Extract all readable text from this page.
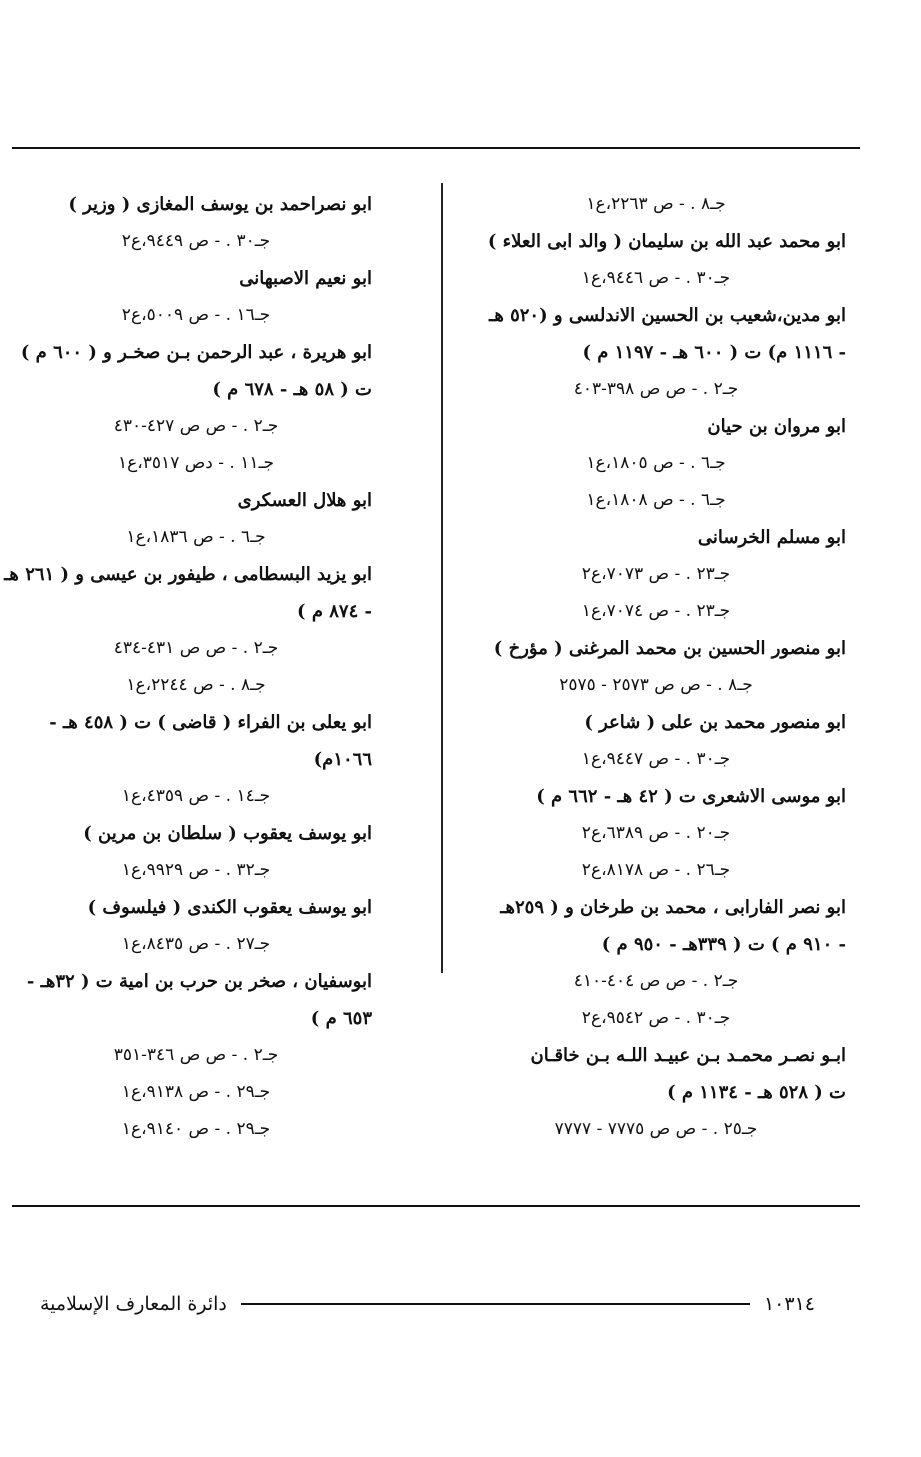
جـ٨ . - ص ٢٢٦٣،ع١
ابو محمد عبد الله بن سليمان ( والد ابى العلاء )
جـ٣٠ . - ص ٩٤٤٦،ع١
ابو مدين،شعيب بن الحسين الاندلسى و (٥٢٠ هـ
- ١١١٦ م) ت ( ٦٠٠ هـ - ١١٩٧ م )
جـ٢ . - ص ص ٣٩٨-٤٠٣
ابو مروان بن حيان
جـ٦ . - ص ١٨٠٥،ع١
جـ٦ . - ص ١٨٠٨،ع١
ابو مسلم الخرسانى
جـ٢٣ . - ص ٧٠٧٣،ع٢
جـ٢٣ . - ص ٧٠٧٤،ع١
ابو منصور الحسين بن محمد المرغنى ( مؤرخ )
جـ٨ . - ص ص ٢٥٧٣ - ٢٥٧٥
ابو منصور محمد بن على ( شاعر )
جـ٣٠ . - ص ٩٤٤٧،ع١
ابو موسى الاشعرى ت ( ٤٢ هـ - ٦٦٢ م )
جـ٢٠ . - ص ٦٣٨٩،ع٢
جـ٢٦ . - ص ٨١٧٨،ع٢
ابو نصر الفارابى ، محمد بن طرخان و ( ٢٥٩هـ
- ٩١٠ م ) ت ( ٣٣٩هـ - ٩٥٠ م )
جـ٢ . - ص ص ٤٠٤-٤١٠
جـ٣٠ . - ص ٩٥٤٢،ع٢
ابـو نصـر محمـد بـن عبيـد اللـه بـن خاقـان
ت ( ٥٢٨ هـ - ١١٣٤ م )
جـ٢٥ . - ص ص ٧٧٧٥ - ٧٧٧٧
ابو نصراحمد بن يوسف المغازى ( وزير )
جـ٣٠ . - ص ٩٤٤٩،ع٢
ابو نعيم الاصبهانى
جـ١٦ . - ص ٥٠٠٩،ع٢
ابو هريرة ، عبد الرحمن بـن صخـر و ( ٦٠٠ م )
ت ( ٥٨ هـ - ٦٧٨ م )
جـ٢ . - ص ص ٤٢٧-٤٣٠
جـ١١ . - دص ٣٥١٧،ع١
ابو هلال العسكرى
جـ٦ . - ص ١٨٣٦،ع١
ابو يزيد البسطامى ، طيفور بن عيسى و ( ٢٦١ هـ
- ٨٧٤ م )
جـ٢ . - ص ص ٤٣١-٤٣٤
جـ٨ . - ص ٢٢٤٤،ع١
ابو يعلى بن الفراء ( قاضى ) ت ( ٤٥٨ هـ -
١٠٦٦م)
جـ١٤ . - ص ٤٣٥٩،ع١
ابو يوسف يعقوب ( سلطان بن مرين )
جـ٣٢ . - ص ٩٩٢٩،ع١
ابو يوسف يعقوب الكندى ( فيلسوف )
جـ٢٧ . - ص ٨٤٣٥،ع١
ابوسفيان ، صخر بن حرب بن امية ت ( ٣٢هـ -
٦٥٣ م )
جـ٢ . - ص ص ٣٤٦-٣٥١
جـ٢٩ . - ص ٩١٣٨،ع١
جـ٢٩ . - ص ٩١٤٠،ع١
١٠٣١٤
دائرة المعارف الإسلامية
